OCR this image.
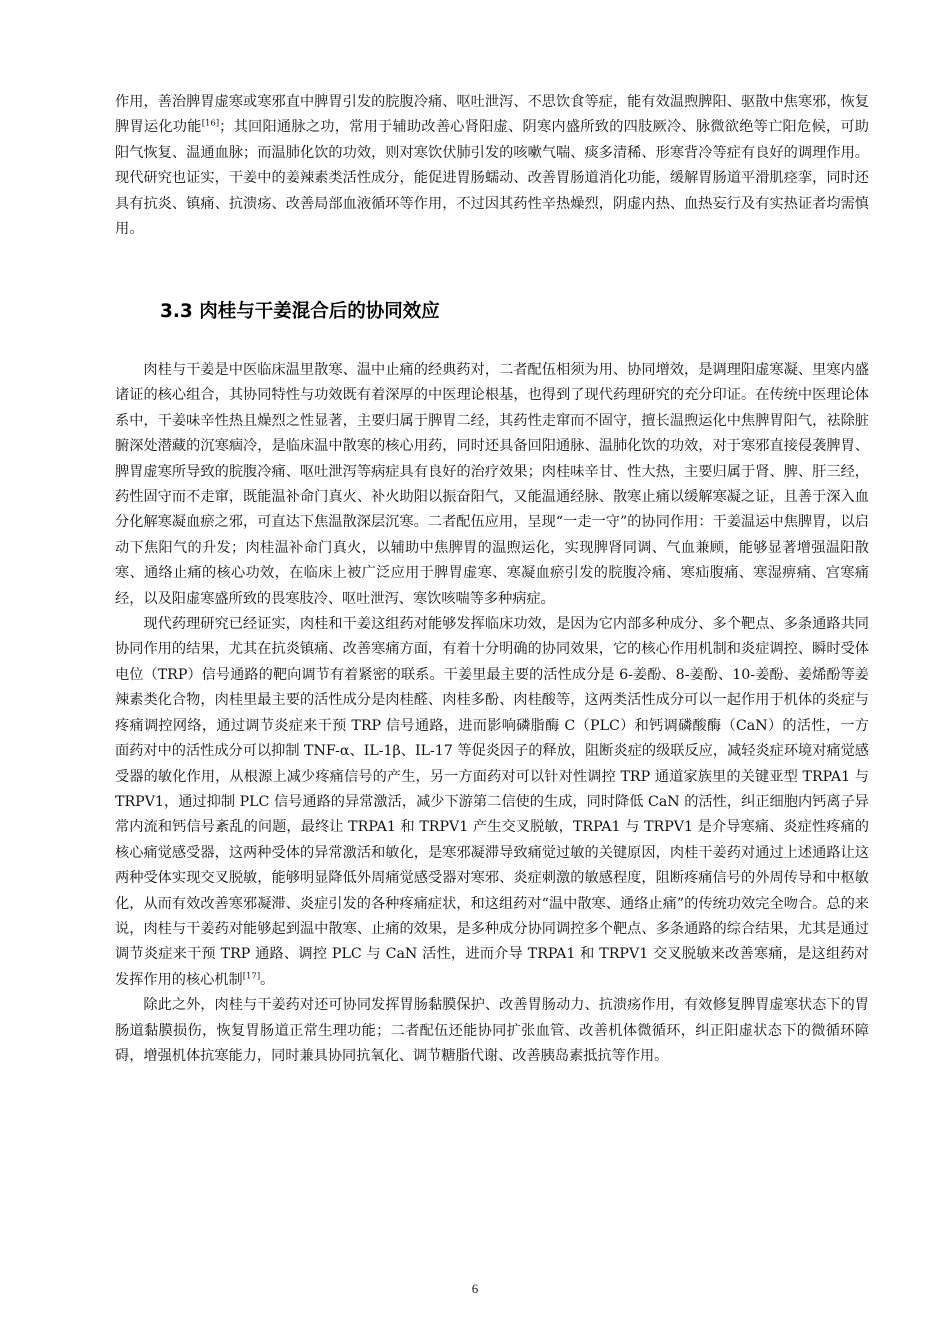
作用，善治脾胃虚寒或寒邪直中脾胃引发的脘腹冷痛、呕吐泄泻、不思饮食等症，能有效温煦脾阳、驱散中焦寒邪，恢复脾胃运化功能[16]；其回阳通脉之功，常用于辅助改善心肾阳虚、阴寒内盛所致的四肢厥冷、脉微欲绝等亡阳危候，可助阳气恢复、温通血脉；而温肺化饮的功效，则对寒饮伏肺引发的咳嗽气喘、痰多清稀、形寒背冷等症有良好的调理作用。现代研究也证实，干姜中的姜辣素类活性成分，能促进胃肠蠕动、改善胃肠道消化功能，缓解胃肠道平滑肌痉挛，同时还具有抗炎、镇痛、抗溃疡、改善局部血液循环等作用，不过因其药性辛热燥烈，阴虚内热、血热妄行及有实热证者均需慎用。

3.3 肉桂与干姜混合后的协同效应

肉桂与干姜是中医临床温里散寒、温中止痛的经典药对，二者配伍相须为用、协同增效，是调理阳虚寒凝、里寒内盛诸证的核心组合，其协同特性与功效既有着深厚的中医理论根基，也得到了现代药理研究的充分印证。在传统中医理论体系中，干姜味辛性热且燥烈之性显著，主要归属于脾胃二经，其药性走窜而不固守，擅长温煦运化中焦脾胃阳气，祛除脏腑深处潜藏的沉寒痼冷，是临床温中散寒的核心用药，同时还具备回阳通脉、温肺化饮的功效，对于寒邪直接侵袭脾胃、脾胃虚寒所导致的脘腹冷痛、呕吐泄泻等病症具有良好的治疗效果；肉桂味辛甘、性大热，主要归属于肾、脾、肝三经，药性固守而不走窜，既能温补命门真火、补火助阳以振奋阳气，又能温通经脉、散寒止痛以缓解寒凝之证，且善于深入血分化解寒凝血瘀之邪，可直达下焦温散深层沉寒。二者配伍应用，呈现“一走一守”的协同作用：干姜温运中焦脾胃，以启动下焦阳气的升发；肉桂温补命门真火，以辅助中焦脾胃的温煦运化，实现脾肾同调、气血兼顾，能够显著增强温阳散寒、通络止痛的核心功效，在临床上被广泛应用于脾胃虚寒、寒凝血瘀引发的脘腹冷痛、寒疝腹痛、寒湿痹痛、宫寒痛经，以及阳虚寒盛所致的畏寒肢冷、呕吐泄泻、寒饮咳喘等多种病症。

现代药理研究已经证实，肉桂和干姜这组药对能够发挥临床功效，是因为它内部多种成分、多个靶点、多条通路共同协同作用的结果，尤其在抗炎镇痛、改善寒痛方面，有着十分明确的协同效果，它的核心作用机制和炎症调控、瞬时受体电位（TRP）信号通路的靶向调节有着紧密的联系。干姜里最主要的活性成分是 6-姜酚、8-姜酚、10-姜酚、姜烯酚等姜辣素类化合物，肉桂里最主要的活性成分是肉桂醛、肉桂多酚、肉桂酸等，这两类活性成分可以一起作用于机体的炎症与疼痛调控网络，通过调节炎症来干预 TRP 信号通路，进而影响磷脂酶 C（PLC）和钙调磷酸酶（CaN）的活性，一方面药对中的活性成分可以抑制 TNF-α、IL-1β、IL-17 等促炎因子的释放，阻断炎症的级联反应，减轻炎症环境对痛觉感受器的敏化作用，从根源上减少疼痛信号的产生，另一方面药对可以针对性调控 TRP 通道家族里的关键亚型 TRPA1 与 TRPV1，通过抑制 PLC 信号通路的异常激活，减少下游第二信使的生成，同时降低 CaN 的活性，纠正细胞内钙离子异常内流和钙信号紊乱的问题，最终让 TRPA1 和 TRPV1 产生交叉脱敏，TRPA1 与 TRPV1 是介导寒痛、炎症性疼痛的核心痛觉感受器，这两种受体的异常激活和敏化，是寒邪凝滞导致痛觉过敏的关键原因，肉桂干姜药对通过上述通路让这两种受体实现交叉脱敏，能够明显降低外周痛觉感受器对寒邪、炎症刺激的敏感程度，阻断疼痛信号的外周传导和中枢敏化，从而有效改善寒邪凝滞、炎症引发的各种疼痛症状，和这组药对“温中散寒、通络止痛”的传统功效完全吻合。总的来说，肉桂与干姜药对能够起到温中散寒、止痛的效果，是多种成分协同调控多个靶点、多条通路的综合结果，尤其是通过调节炎症来干预 TRP 通路、调控 PLC 与 CaN 活性，进而介导 TRPA1 和 TRPV1 交叉脱敏来改善寒痛，是这组药对发挥作用的核心机制[17]。

除此之外，肉桂与干姜药对还可协同发挥胃肠黏膜保护、改善胃肠动力、抗溃疡作用，有效修复脾胃虚寒状态下的胃肠道黏膜损伤，恢复胃肠道正常生理功能；二者配伍还能协同扩张血管、改善机体微循环，纠正阳虚状态下的微循环障碍，增强机体抗寒能力，同时兼具协同抗氧化、调节糖脂代谢、改善胰岛素抵抗等作用。

6
